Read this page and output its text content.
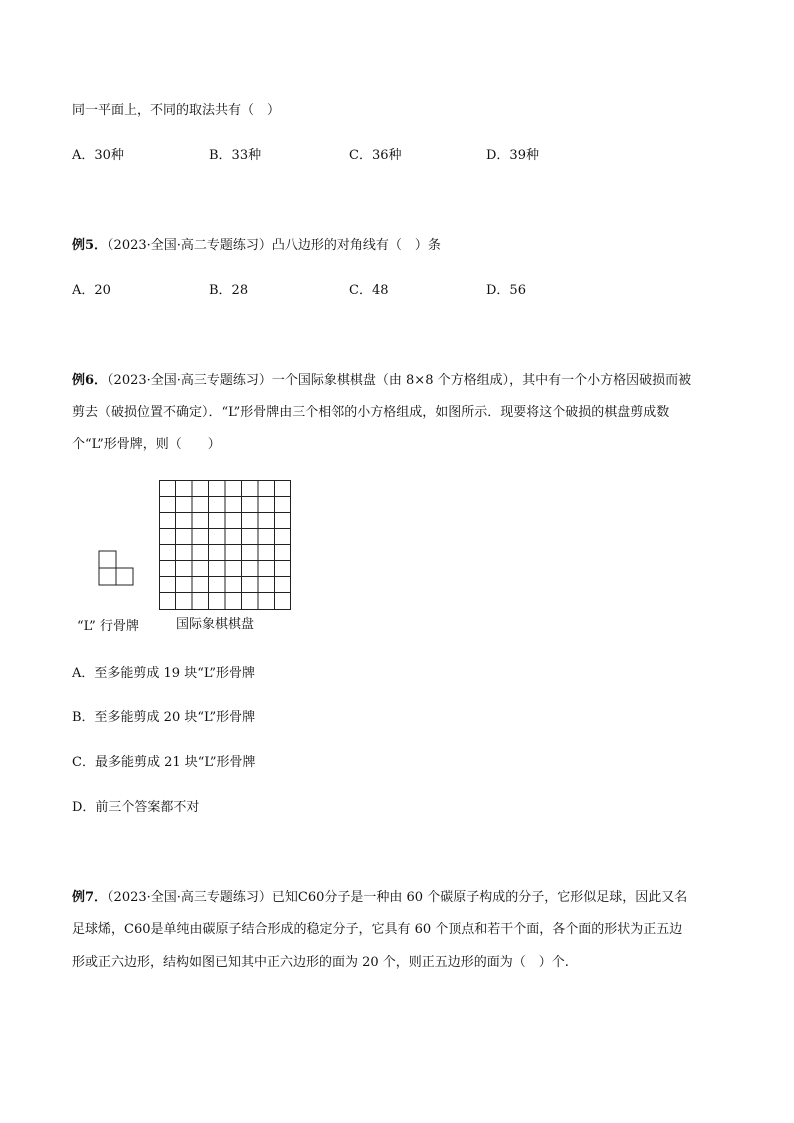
同一平面上，不同的取法共有（　）
A．30种	B．33种	C．36种	D．39种
例5．（2023·全国·高二专题练习）凸八边形的对角线有（　）条
A．20	B．28	C．48	D．56
例6．（2023·全国·高三专题练习）一个国际象棋棋盘（由 8×8 个方格组成），其中有一个小方格因破损而被
剪去（破损位置不确定）．“L”形骨牌由三个相邻的小方格组成，如图所示．现要将这个破损的棋盘剪成数
个“L”形骨牌，则（　　）
“L” 行骨牌	国际象棋棋盘
A．至多能剪成 19 块“L”形骨牌
B．至多能剪成 20 块“L”形骨牌
C．最多能剪成 21 块“L”形骨牌
D．前三个答案都不对
例7．（2023·全国·高三专题练习）已知C60分子是一种由 60 个碳原子构成的分子，它形似足球，因此又名
足球烯，C60是单纯由碳原子结合形成的稳定分子，它具有 60 个顶点和若干个面，各个面的形状为正五边
形或正六边形，结构如图已知其中正六边形的面为 20 个，则正五边形的面为（　）个.
